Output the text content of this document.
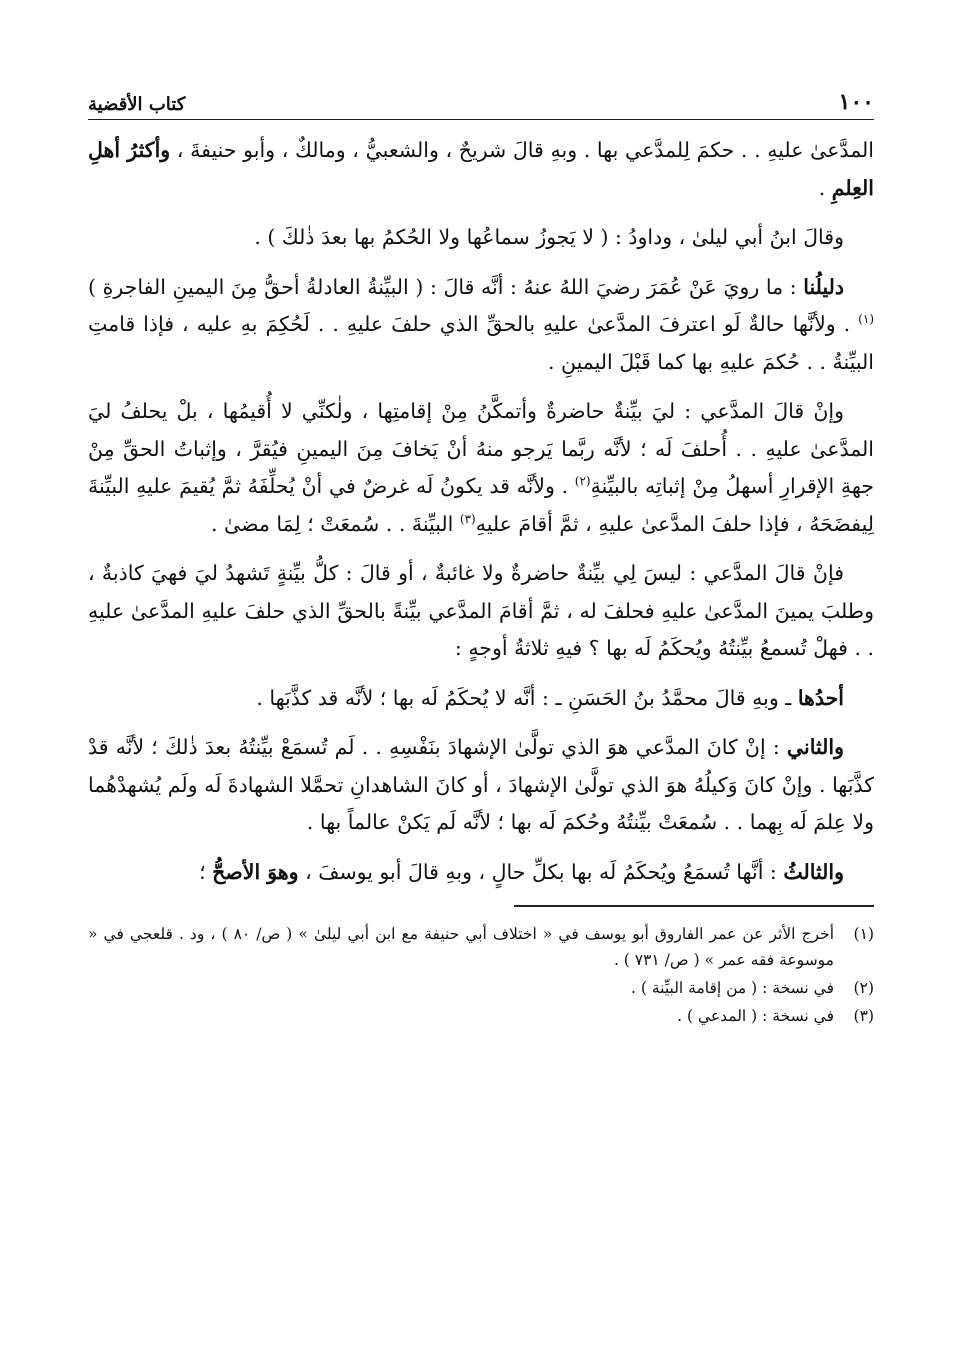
١٠٠
كتاب الأقضية

المدَّعىٰ عليهِ . . حكمَ لِلمدَّعي بها . وبهِ قالَ شريحٌ ، والشعبيُّ ، ومالكٌ ، وأبو حنيفةَ ، وأكثرُ أهلِ العِلمِ .

وقالَ ابنُ أبي ليلىٰ ، وداودُ : ( لا يَجوزُ سماعُها ولا الحُكمُ بها بعدَ ذٰلكَ ) .

دليلُنا : ما رويَ عَنْ عُمَرَ رضيَ اللهُ عنهُ : أنَّه قالَ : ( البيِّنةُ العادلةُ أحقُّ مِنَ اليمينِ الفاجرةِ )$^{(١)}$ . ولأنَّها حالةٌ لَو اعترفَ المدَّعىٰ عليهِ بالحقِّ الذي حلفَ عليهِ . . لَحُكِمَ بهِ عليه ، فإذا قامتِ البيِّنةُ . . حُكمَ عليهِ بها كما قَبْلَ اليمينِ .

وإنْ قالَ المدَّعي : ليَ بيِّنةٌ حاضرةٌ وأتمكَّنُ مِنْ إقامتِها ، ولٰكنِّي لا أُقيمُها ، بلْ يحلفُ ليَ المدَّعىٰ عليهِ . . أُحلفَ لَه ؛ لأنَّه ربَّما يَرجو منهُ أنْ يَخافَ مِنَ اليمينِ فيُقرَّ ، وإثباتُ الحقِّ مِنْ جهةِ الإقرارِ أسهلُ مِنْ إثباتِه بالبيِّنةِ$^{(٢)}$ . ولأنَّه قد يكونُ لَه غرضٌ في أنْ يُحلِّفَهُ ثمَّ يُقيمَ عليهِ البيِّنةَ لِيفضَحَهُ ، فإذا حلفَ المدَّعىٰ عليهِ ، ثمَّ أقامَ عليهِ$^{(٣)}$ البيِّنةَ . . سُمعَتْ ؛ لِمَا مضىٰ .

فإنْ قالَ المدَّعي : ليسَ لِي بيِّنةٌ حاضرةٌ ولا غائبةٌ ، أو قالَ : كلُّ بيِّنةٍ تَشهدُ ليَ فهيَ كاذبةٌ ، وطلبَ يمينَ المدَّعىٰ عليهِ فحلفَ له ، ثمَّ أقامَ المدَّعي بيِّنةً بالحقِّ الذي حلفَ عليهِ المدَّعىٰ عليهِ . . فهلْ تُسمعُ بيِّنتُهُ ويُحكَمُ لَه بها ؟ فيهِ ثلاثةُ أوجهٍ :

أحدُها ـ وبهِ قالَ محمَّدُ بنُ الحَسَنِ ـ : أنَّه لا يُحكَمُ لَه بها ؛ لأنَّه قد كذَّبَها .

والثاني : إنْ كانَ المدَّعي هوَ الذي تولَّىٰ الإشهادَ بنَفْسِهِ . . لَم تُسمَعْ بيِّنتُهُ بعدَ ذٰلكَ ؛ لأنَّه قدْ كذَّبَها . وإنْ كانَ وَكيلُهُ هوَ الذي تولَّىٰ الإشهادَ ، أو كانَ الشاهدانِ تحمَّلا الشهادةَ لَه ولَم يُشهدْهُما ولا عِلمَ لَه بِهما . . سُمعَتْ بيِّنتُهُ وحُكمَ لَه بها ؛ لأنَّه لَم يَكنْ عالماً بها .

والثالثُ : أنَّها تُسمَعُ ويُحكَمُ لَه بها بكلِّ حالٍ ، وبهِ قالَ أبو يوسفَ ، وهوَ الأصحُّ ؛

(١)
أخرج الأثر عن عمر الفاروق أبو يوسف في « اختلاف أبي حنيفة مع ابن أبي ليلىٰ » ( ص/ ٨٠ ) ، ود . قلعجي في « موسوعة فقه عمر » ( ص/ ٧٣١ ) .
(٢)
في نسخة : ( من إقامة البيِّنة ) .
(٣)
في نسخة : ( المدعي ) .
